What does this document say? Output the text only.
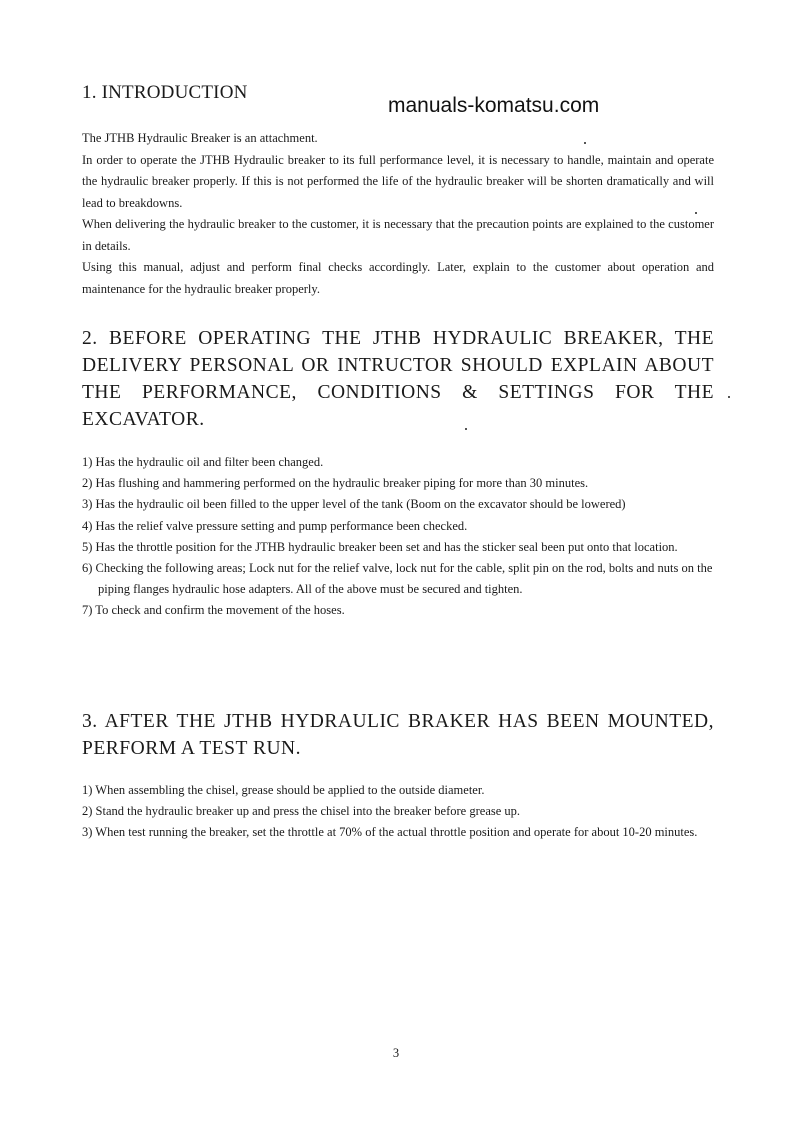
1. INTRODUCTION
manuals-komatsu.com

The JTHB Hydraulic Breaker is an attachment.

In order to operate the JTHB Hydraulic breaker to its full performance level, it is necessary to handle, maintain and operate the hydraulic breaker properly. If this is not performed the life of the hydraulic breaker will be shorten dramatically and will lead to breakdowns.

When delivering the hydraulic breaker to the customer, it is necessary that the precaution points are explained to the customer in details.

Using this manual, adjust and perform final checks accordingly. Later, explain to the customer about operation and maintenance for the hydraulic breaker properly.

2. BEFORE OPERATING THE JTHB HYDRAULIC BREAKER, THE DELIVERY PERSONAL OR INTRUCTOR SHOULD EXPLAIN ABOUT THE PERFORMANCE, CONDITIONS & SETTINGS FOR THE EXCAVATOR.
1) Has the hydraulic oil and filter been changed.
2) Has flushing and hammering performed on the hydraulic breaker piping for more than 30 minutes.
3) Has the hydraulic oil been filled to the upper level of the tank (Boom on the excavator should be lowered)
4) Has the relief valve pressure setting and pump performance been checked.
5) Has the throttle position for the JTHB hydraulic breaker been set and has the sticker seal been put onto that location.
6) Checking the following areas; Lock nut for the relief valve, lock nut for the cable, split pin on the rod, bolts and nuts on the piping flanges hydraulic hose adapters. All of the above must be secured and tighten.
7) To check and confirm the movement of the hoses.
3. AFTER THE JTHB HYDRAULIC BRAKER HAS BEEN MOUNTED, PERFORM A TEST RUN.
1) When assembling the chisel, grease should be applied to the outside diameter.
2) Stand the hydraulic breaker up and press the chisel into the breaker before grease up.
3) When test running the breaker, set the throttle at 70% of the actual throttle position and operate for about 10-20 minutes.
3
